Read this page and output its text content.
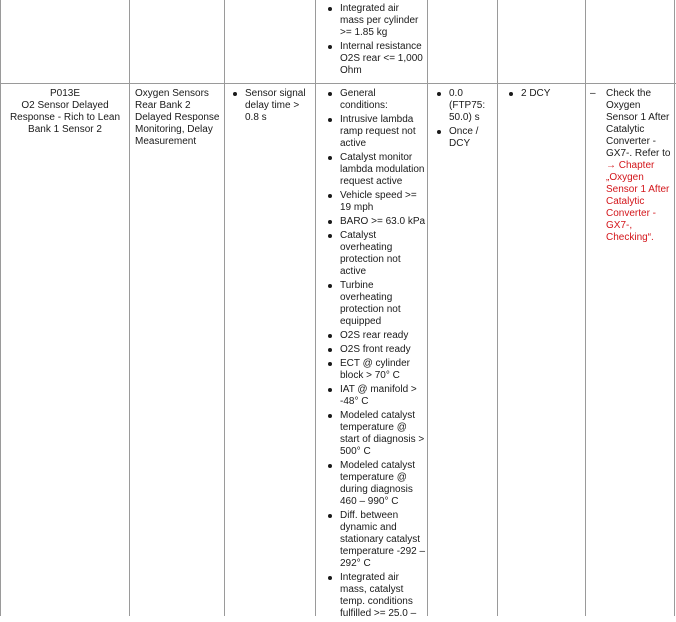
Integrated air mass per cylinder >= 1.85 kg
Internal resistance O2S rear <= 1,000 Ohm
P013E
O2 Sensor Delayed Response - Rich to Lean Bank 1 Sensor 2
Oxygen Sensors Rear Bank 2 Delayed Response Monitoring, Delay Measurement
Sensor signal delay time > 0.8 s
General conditions:
Intrusive lambda ramp request not active
Catalyst monitor lambda modulation request active
Vehicle speed >= 19 mph
BARO >= 63.0 kPa
Catalyst overheating protection not active
Turbine overheating protection not equipped
O2S rear ready
O2S front ready
ECT @ cylinder block > 70° C
IAT @ manifold > -48° C
Modeled catalyst temperature @ start of diagnosis > 500° C
Modeled catalyst temperature @ during diagnosis 460 – 990° C
Diff. between dynamic and stationary catalyst temperature -292 – 292° C
Integrated air mass, catalyst temp. conditions fulfilled >= 25.0 –
0.0 (FTP75: 50.0) s
Once / DCY
2 DCY	–	Check the Oxygen Sensor 1 After Catalytic Converter - GX7-. Refer to → Chapter „Oxygen Sensor 1 After Catalytic Converter - GX7-, Checking“.
